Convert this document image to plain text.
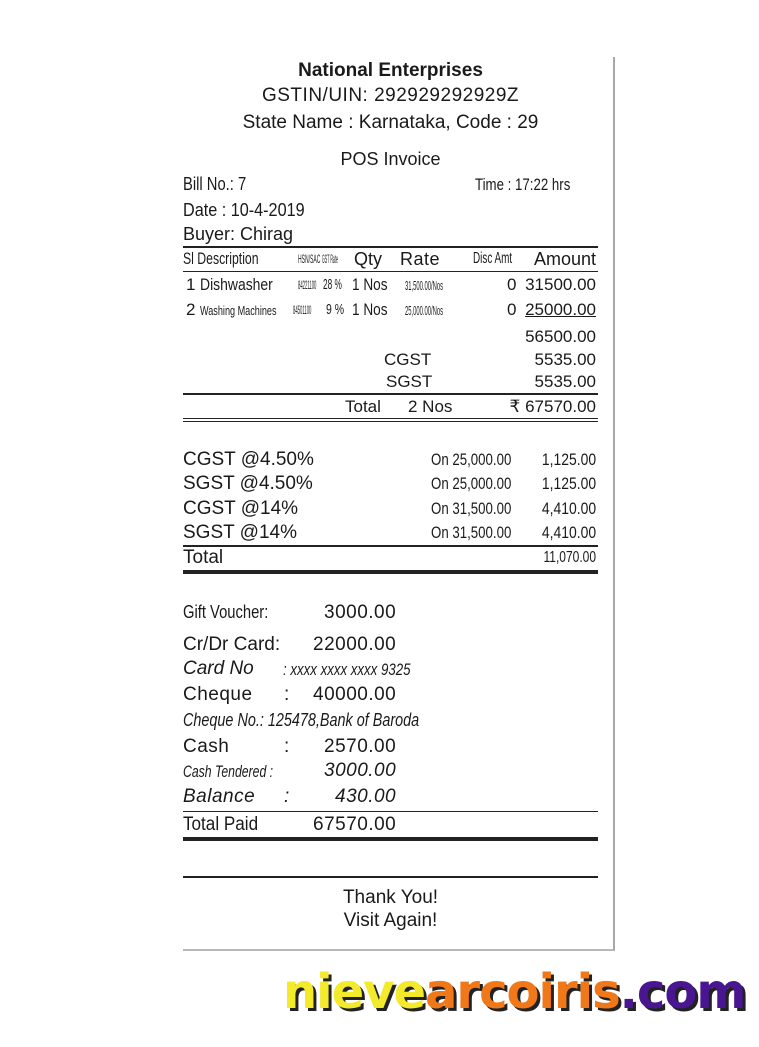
National Enterprises
GSTIN/UIN: 292929292929Z
State Name : Karnataka, Code : 29
POS Invoice
Bill No.: 7	Time : 17:22 hrs
Date : 10-4-2019
Buyer: Chirag
Sl Description	HSN/SAC GST Rate Qty Rate Disc Amt	Amount
1 Dishwasher	84221100 28 % 1 Nos	31,500.00/Nos	0 31500.00
2 Washing Machines	84501100 9 % 1 Nos	25,000.00/Nos	0 25000.00
56500.00
CGST	5535.00
SGST	5535.00
Total 2 Nos	₹ 67570.00
CGST @4.50%	On 25,000.00	1,125.00
SGST @4.50%	On 25,000.00	1,125.00
CGST @14%	On 31,500.00	4,410.00
SGST @14%	On 31,500.00	4,410.00
Total	11,070.00
Gift Voucher:	3000.00
Cr/Dr Card: 22000.00
Card No : xxxx xxxx xxxx 9325
Cheque : 40000.00
Cheque No.: 125478,Bank of Baroda
Cash	: 2570.00
Cash Tendered :	3000.00
Balance : 430.00
Total Paid	67570.00
Thank You!
Visit Again!
nievearcoiris.com
